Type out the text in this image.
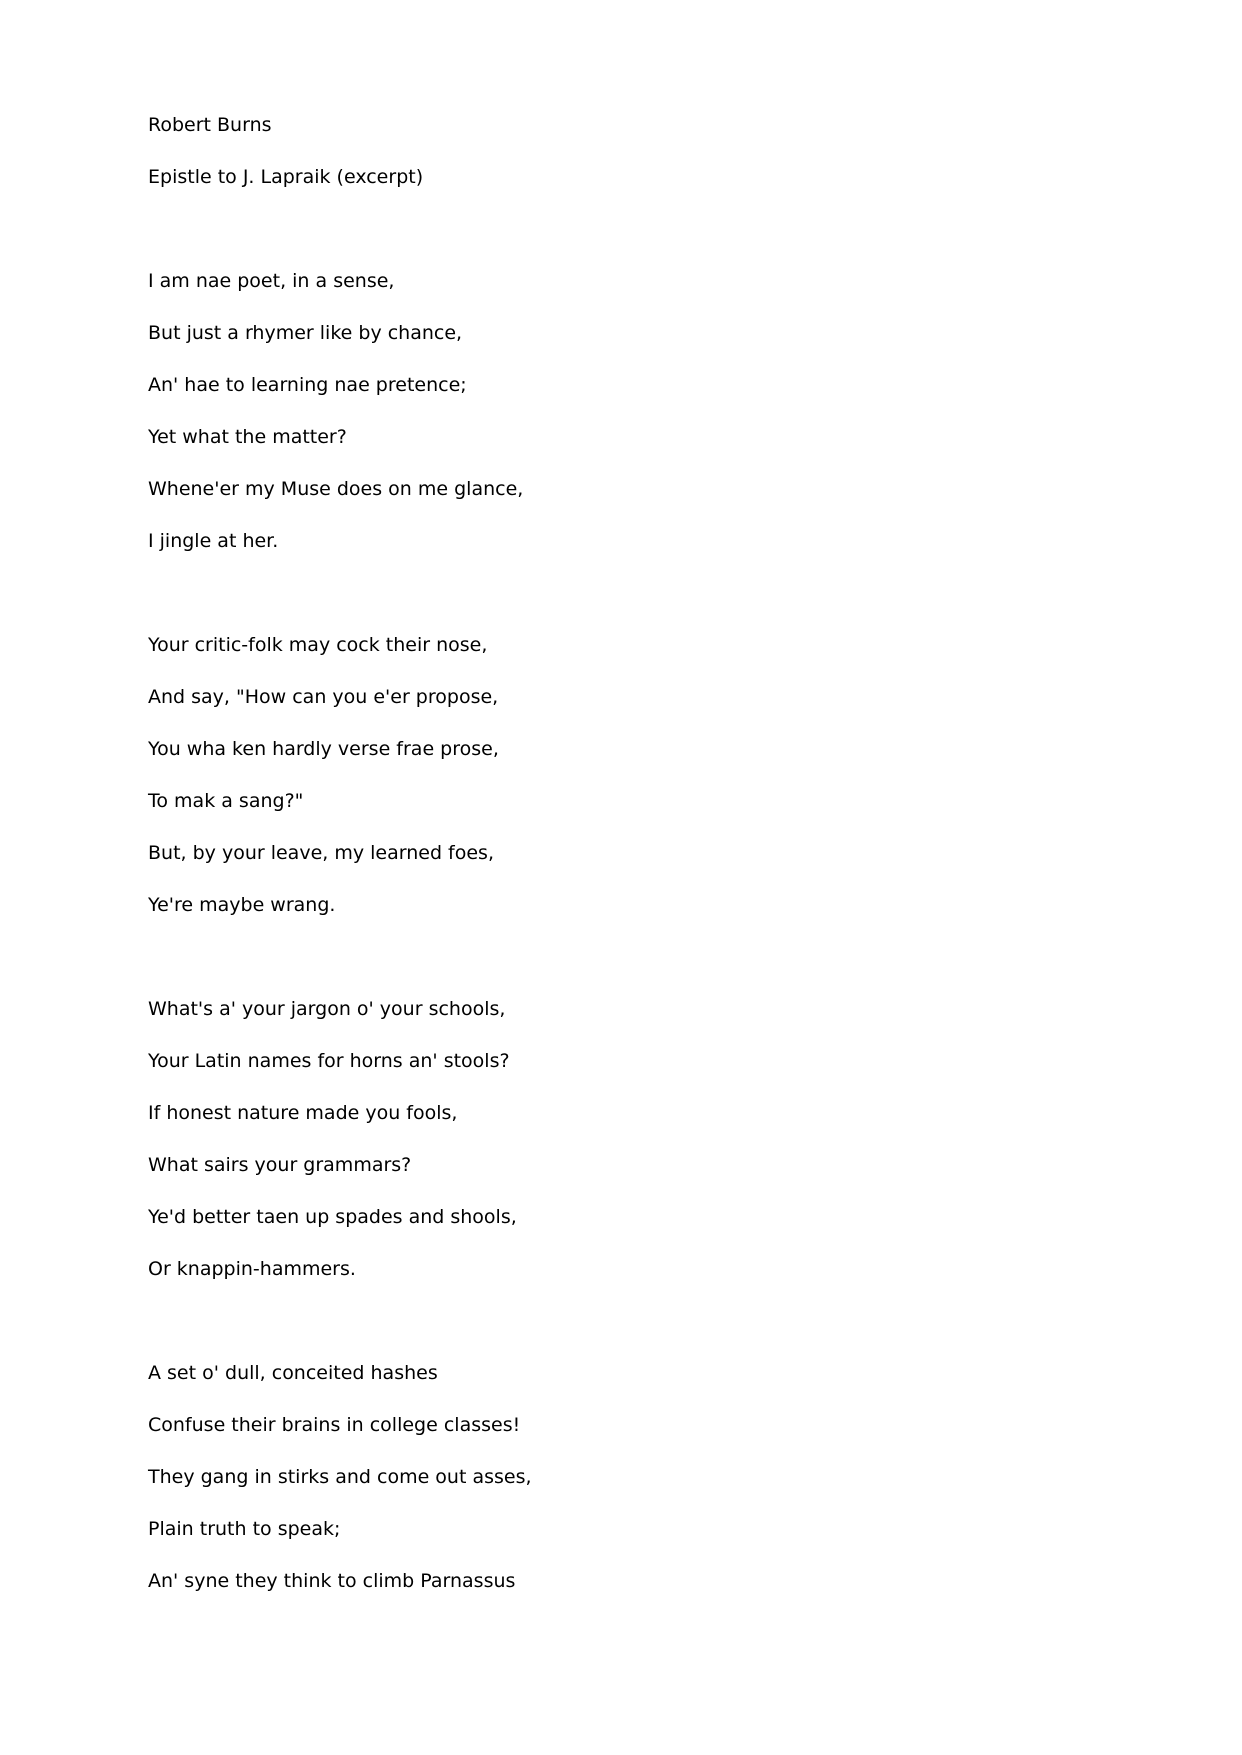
Robert Burns

Epistle to J. Lapraik (excerpt)

I am nae poet, in a sense,

But just a rhymer like by chance,

An' hae to learning nae pretence;

Yet what the matter?

Whene'er my Muse does on me glance,

I jingle at her.

Your critic-folk may cock their nose,

And say, "How can you e'er propose,

You wha ken hardly verse frae prose,

To mak a sang?"

But, by your leave, my learned foes,

Ye're maybe wrang.

What's a' your jargon o' your schools,

Your Latin names for horns an' stools?

If honest nature made you fools,

What sairs your grammars?

Ye'd better taen up spades and shools,

Or knappin-hammers.

A set o' dull, conceited hashes

Confuse their brains in college classes!

They gang in stirks and come out asses,

Plain truth to speak;

An' syne they think to climb Parnassus
